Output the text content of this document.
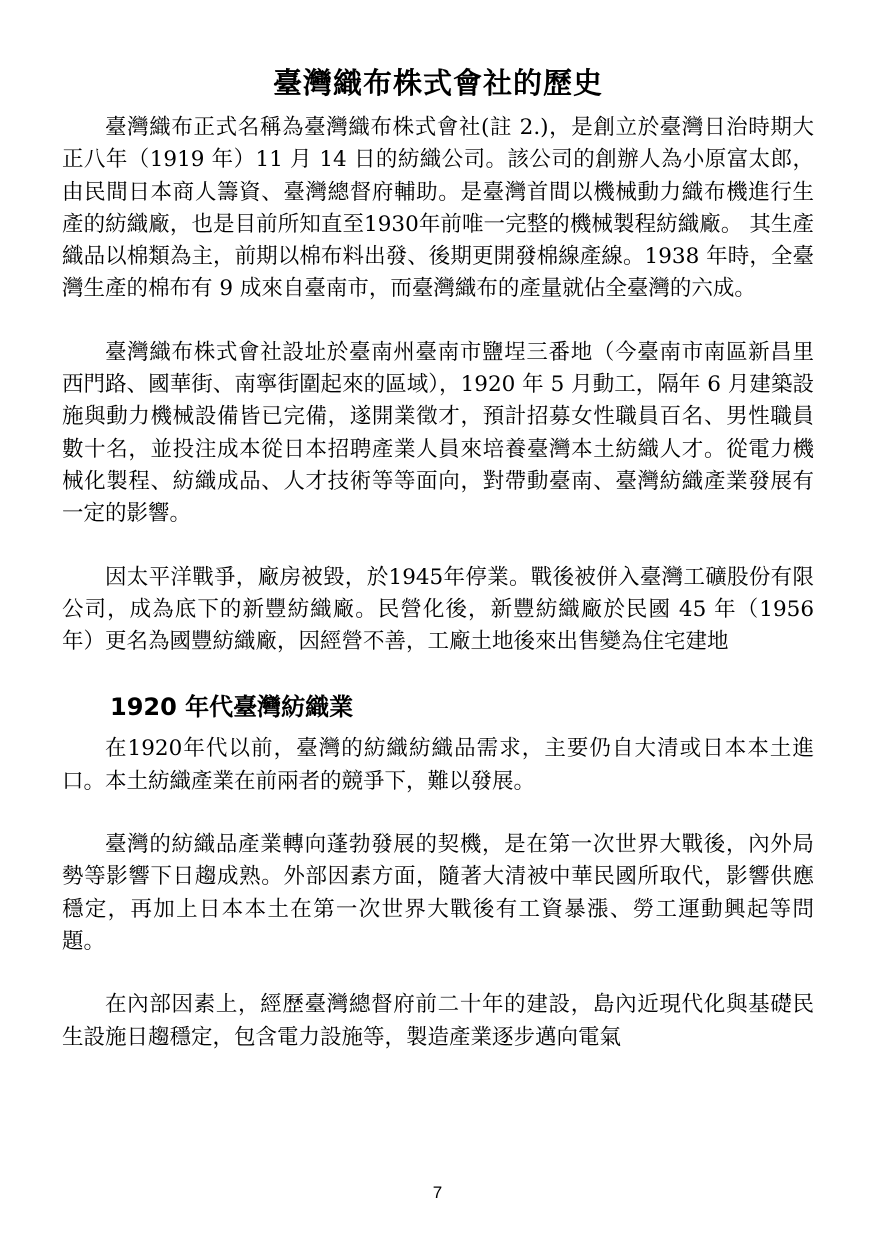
臺灣織布株式會社的歷史

臺灣織布正式名稱為臺灣織布株式會社(註 2.)，是創立於臺灣日治時期大正八年（1919 年）11 月 14 日的紡織公司。該公司的創辦人為小原富太郎，由民間日本商人籌資、臺灣總督府輔助。是臺灣首間以機械動力織布機進行生產的紡織廠，也是目前所知直至1930年前唯一完整的機械製程紡織廠。 其生產織品以棉類為主，前期以棉布料出發、後期更開發棉線產線。1938 年時，全臺灣生產的棉布有 9 成來自臺南市，而臺灣織布的產量就佔全臺灣的六成。

臺灣織布株式會社設址於臺南州臺南市鹽埕三番地（今臺南市南區新昌里西門路、國華街、南寧街圍起來的區域），1920 年 5 月動工，隔年 6 月建築設施與動力機械設備皆已完備，遂開業徵才，預計招募女性職員百名、男性職員數十名，並投注成本從日本招聘產業人員來培養臺灣本土紡織人才。從電力機械化製程、紡織成品、人才技術等等面向，對帶動臺南、臺灣紡織產業發展有一定的影響。

因太平洋戰爭，廠房被毀，於1945年停業。戰後被併入臺灣工礦股份有限公司，成為底下的新豐紡織廠。民營化後，新豐紡織廠於民國 45 年（1956 年）更名為國豐紡織廠，因經營不善，工廠土地後來出售變為住宅建地

1920 年代臺灣紡織業

在1920年代以前，臺灣的紡織紡織品需求，主要仍自大清或日本本土進口。本土紡織產業在前兩者的競爭下，難以發展。

臺灣的紡織品產業轉向蓬勃發展的契機，是在第一次世界大戰後，內外局勢等影響下日趨成熟。外部因素方面，隨著大清被中華民國所取代，影響供應穩定，再加上日本本土在第一次世界大戰後有工資暴漲、勞工運動興起等問題。

在內部因素上，經歷臺灣總督府前二十年的建設，島內近現代化與基礎民生設施日趨穩定，包含電力設施等，製造產業逐步邁向電氣

7
